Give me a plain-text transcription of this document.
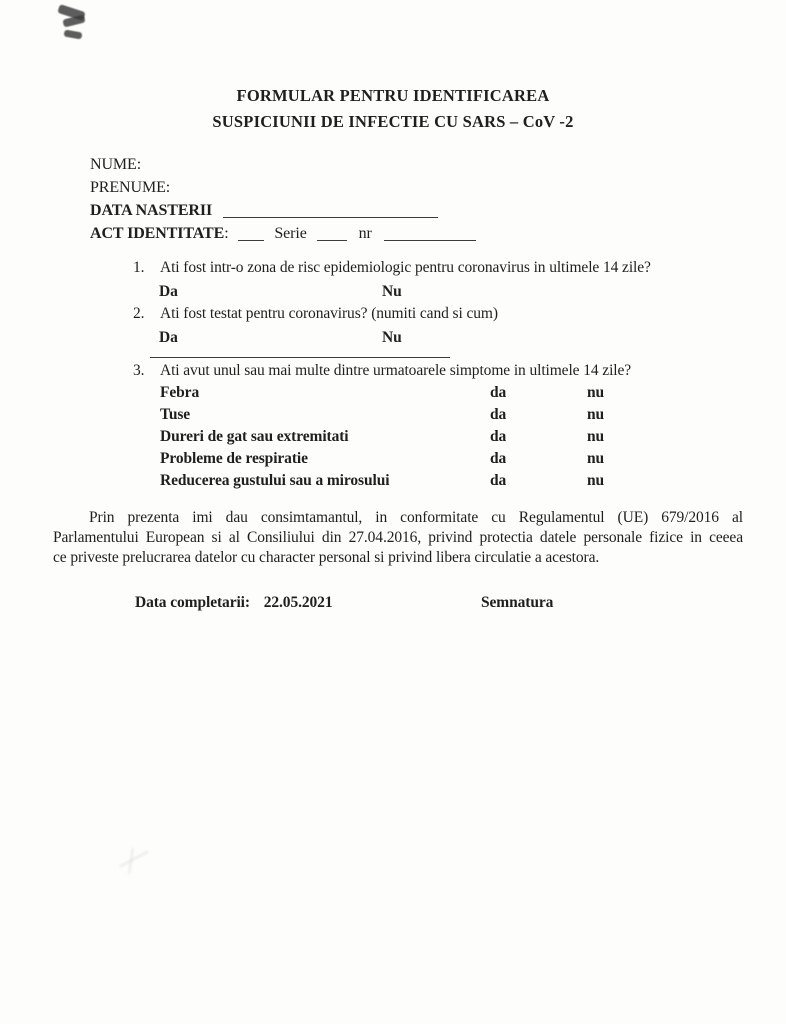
FORMULAR PENTRU IDENTIFICAREA
SUSPICIUNII DE INFECTIE CU SARS – CoV -2
NUME:
PRENUME:
DATA NASTERII
ACT IDENTITATE:	Serie	nr
1. Ati fost intr-o zona de risc epidemiologic pentru coronavirus in ultimele 14 zile?
Da	Nu
2. Ati fost testat pentru coronavirus? (numiti cand si cum)
Da	Nu
3. Ati avut unul sau mai multe dintre urmatoarele simptome in ultimele 14 zile?
Febra	da	nu
Tuse	da	nu
Dureri de gat sau extremitati	da	nu
Probleme de respiratie	da	nu
Reducerea gustului sau a mirosului	da	nu
Prin prezenta imi dau consimtamantul, in conformitate cu Regulamentul (UE) 679/2016 al
Parlamentului European si al Consiliului din 27.04.2016, privind protectia datele personale fizice in ceeea
ce priveste prelucrarea datelor cu character personal si privind libera circulatie a acestora.
Data completarii: 22.05.2021	Semnatura
